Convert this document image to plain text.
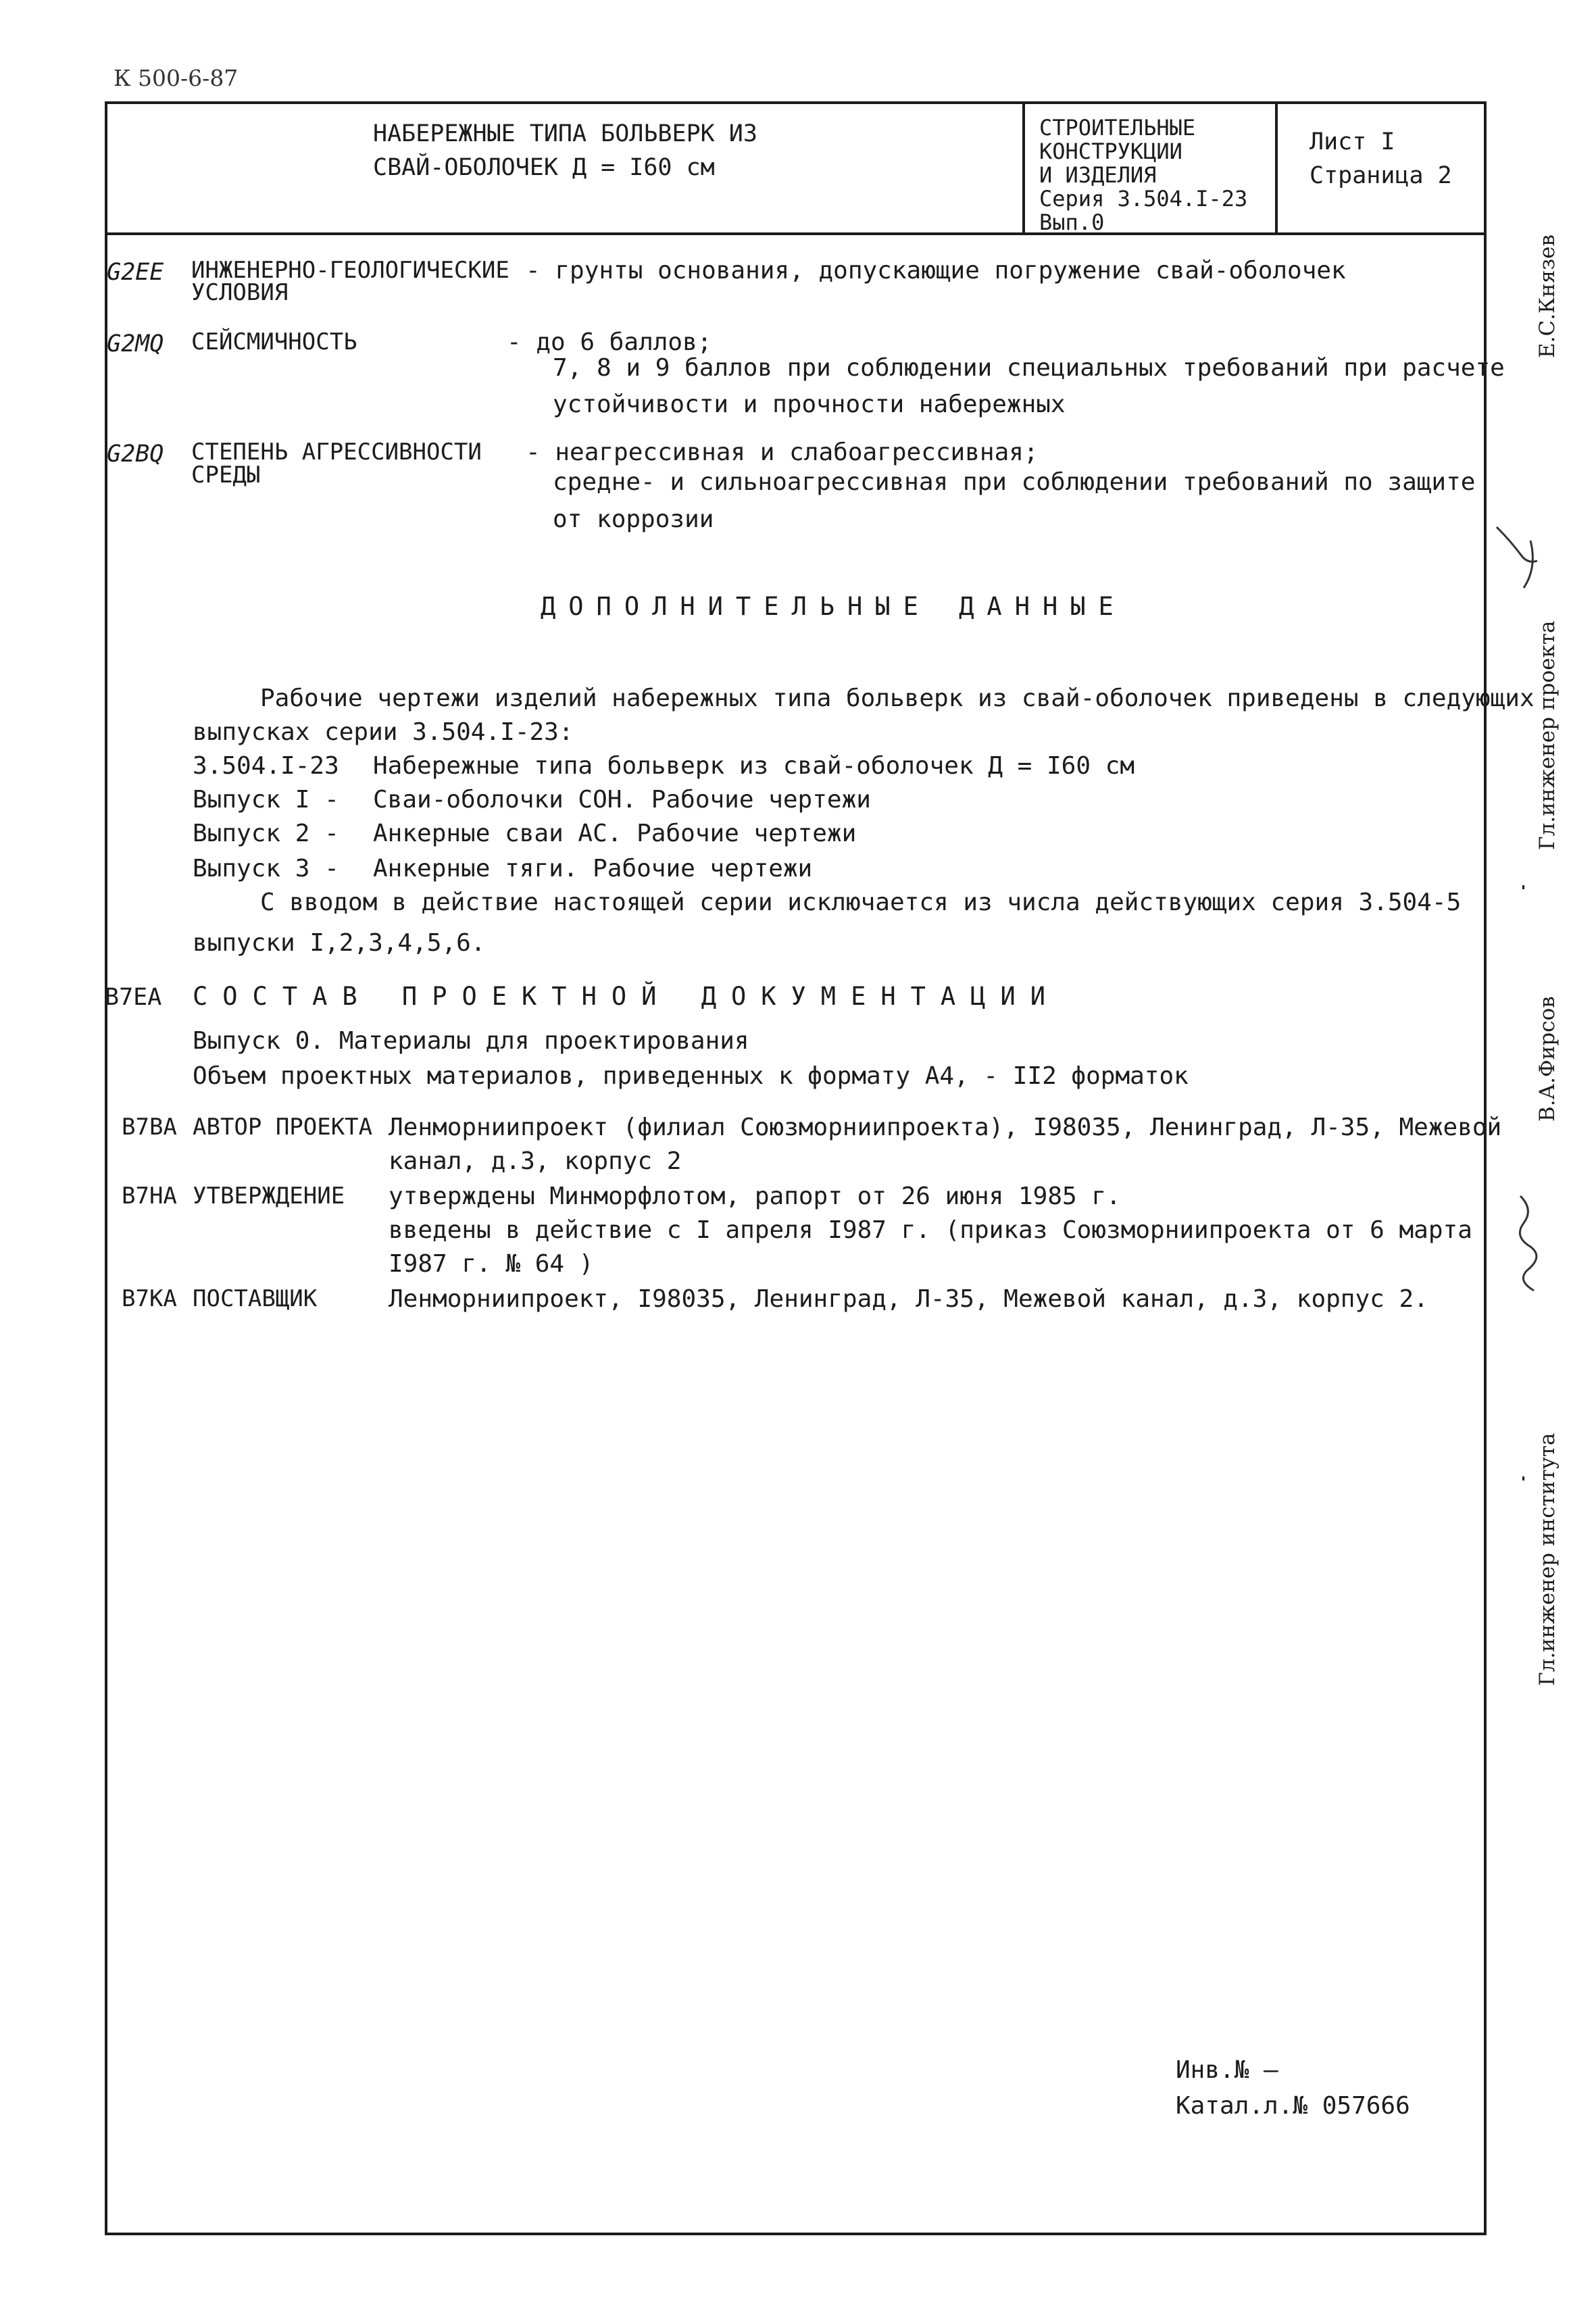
К 500-6-87
НАБЕРЕЖНЫЕ ТИПА БОЛЬВЕРК ИЗ
СВАЙ-ОБОЛОЧЕК Д = I60 см
СТРОИТЕЛЬНЫЕ
КОНСТРУКЦИИ
И ИЗДЕЛИЯ
Серия 3.504.I-23
Вып.0
Лист I
Страница 2
G2EE ИНЖЕНЕРНО-ГЕОЛОГИЧЕСКИЕ
УСЛОВИЯ
- грунты основания, допускающие погружение свай-оболочек
G2MQ СЕЙСМИЧНОСТЬ	- до 6 баллов;
7, 8 и 9 баллов при соблюдении специальных требований при расчете
устойчивости и прочности набережных
G2BQ СТЕПЕНЬ АГРЕССИВНОСТИ
СРЕДЫ
- неагрессивная и слабоагрессивная;
средне- и сильноагрессивная при соблюдении требований по защите
от коррозии
ДОПОЛНИТЕЛЬНЫЕ ДАННЫЕ
Рабочие чертежи изделий набережных типа больверк из свай-оболочек приведены в следующих
выпусках серии 3.504.I-23:
3.504.I-23 Набережные типа больверк из свай-оболочек Д = I60 см
Выпуск I - Сваи-оболочки СОН. Рабочие чертежи
Выпуск 2 - Анкерные сваи АС. Рабочие чертежи
Выпуск 3 - Анкерные тяги. Рабочие чертежи
С вводом в действие настоящей серии исключается из числа действующих серия 3.504-5
выпуски I,2,3,4,5,6.
B7EA СОСТАВ ПРОЕКТНОЙ ДОКУМЕНТАЦИИ
Выпуск 0. Материалы для проектирования
Объем проектных материалов, приведенных к формату А4, - II2 форматок
B7BA АВТОР ПРОЕКТА Ленморниипроект (филиал Союзморниипроекта), I98035, Ленинград, Л-35, Межевой
канал, д.3, корпус 2
B7HA УТВЕРЖДЕНИЕ утверждены Минморфлотом, рапорт от 26 июня 1985 г.
введены в действие с I апреля I987 г. (приказ Союзморниипроекта от 6 марта
I987 г. № 64 )
B7KA ПОСТАВЩИК	Ленморниипроект, I98035, Ленинград, Л-35, Межевой канал, д.3, корпус 2.
Инв.№ —
Катал.л.№ 057666
Е.С.Князев
Гл.инженер проекта
В.А.Фирсов
Гл.инженер института
